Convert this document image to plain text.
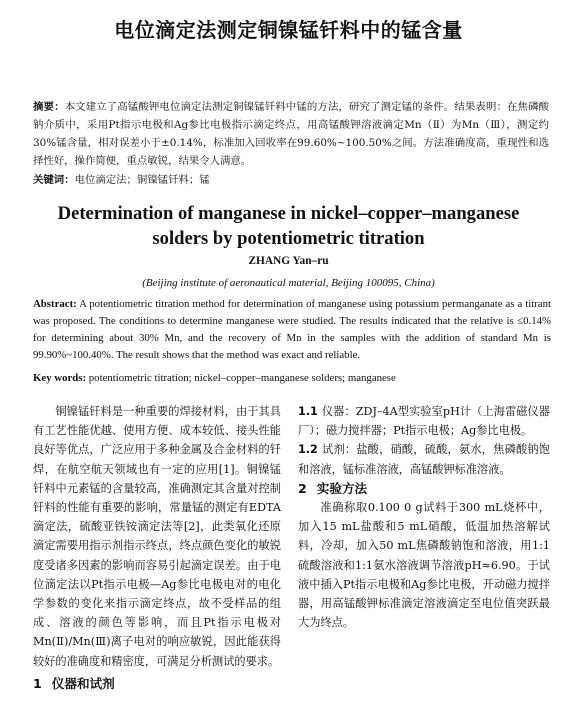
电位滴定法测定铜镍锰钎料中的锰含量
摘要：本文建立了高锰酸钾电位滴定法测定铜镍锰钎料中锰的方法，研究了测定锰的条件。结果表明：在焦磷酸钠介质中，采用Pt指示电极和Ag参比电极指示滴定终点，用高锰酸钾溶液滴定Mn（Ⅱ）为Mn（Ⅲ），测定约30%锰含量，相对误差小于±0.14%，标准加入回收率在99.60%~100.50%之间。方法准确度高，重现性和选择性好，操作简便，重点敏锐，结果令人满意。
关键词：电位滴定法；铜镍锰钎料；锰
Determination of manganese in nickel–copper–manganese
solders by potentiometric titration
ZHANG Yan–ru
(Beijing institute of aeronautical material, Beijing 100095, China)
Abstract: A potentiometric titration method for determination of manganese using potassium permanganate as a titrant was proposed. The conditions to determine manganese were studied. The results indicated that the relative is ≤0.14% for determining about 30% Mn, and the recovery of Mn in the samples with the addition of standard Mn is 99.90%~100.40%. The result shows that the method was exact and reliable.
Key words: potentiometric titration; nickel–copper–manganese solders; manganese

铜镍锰钎料是一种重要的焊接材料，由于其具有工艺性能优越、使用方便、成本较低、接头性能良好等优点，广泛应用于多种金属及合金材料的钎焊，在航空航天领域也有一定的应用[1]。铜镍锰钎料中元素锰的含量较高，准确测定其含量对控制钎料的性能有重要的影响，常量锰的测定有EDTA滴定法，硫酸亚铁铵滴定法等[2]，此类氧化还原滴定需要用指示剂指示终点，终点颜色变化的敏锐度受诸多因素的影响而容易引起滴定误差。由于电位滴定法以Pt指示电极—Ag参比电极电对的电化学参数的变化来指示滴定终点，故不受样品的组成、溶液的颜色等影响，而且Pt指示电极对Mn(Ⅱ)/Mn(Ⅲ)离子电对的响应敏锐，因此能获得较好的准确度和精密度，可满足分析测试的要求。

1 仪器和试剂

1.1 仪器：ZDJ–4A型实验室pH计（上海雷磁仪器厂）；磁力搅拌器；Pt指示电极；Ag参比电极。

1.2 试剂：盐酸，硝酸，硫酸，氨水，焦磷酸钠饱和溶液，锰标准溶液，高锰酸钾标准溶液。

2 实验方法

准确称取0.100 0 g试料于300 mL烧杯中，加入15 mL盐酸和5 mL硝酸，低温加热溶解试料，冷却，加入50 mL焦磷酸钠饱和溶液，用1:1硫酸溶液和1:1氨水溶液调节溶液pH≈6.90。于试液中插入Pt指示电极和Ag参比电极，开动磁力搅拌器，用高锰酸钾标准滴定溶液滴定至电位值突跃最大为终点。
